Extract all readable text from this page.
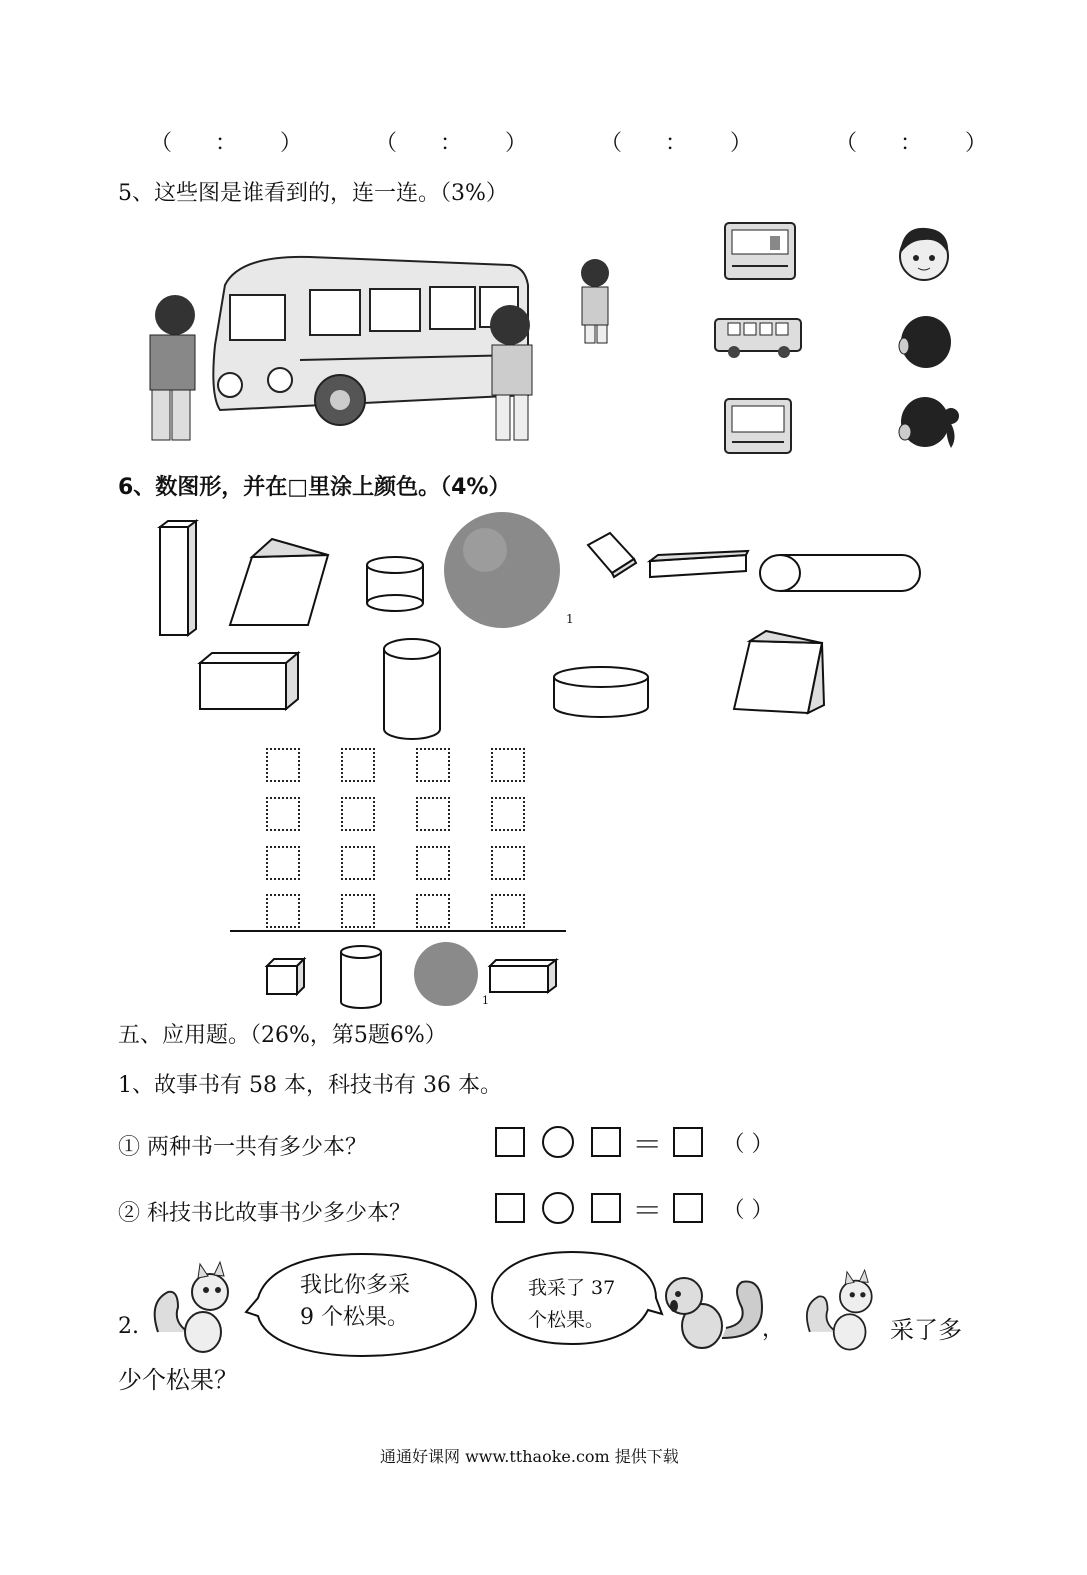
（ ： ）	（ ： ）	（ ： ）	（ ： ）
5、这些图是谁看到的，连一连。（3%）
6、数图形，并在□里涂上颜色。（4%）
1
1
五、应用题。（26%，第5题6%）
1、故事书有 58 本，科技书有 36 本。
① 两种书一共有多少本？	＝	（ ）
② 科技书比故事书少多少本？	＝	（ ）
2.
我比你多采
9 个松果。
我采了 37
个松果。	，	采了多
少个松果？
通通好课网 www.tthaoke.com 提供下载
